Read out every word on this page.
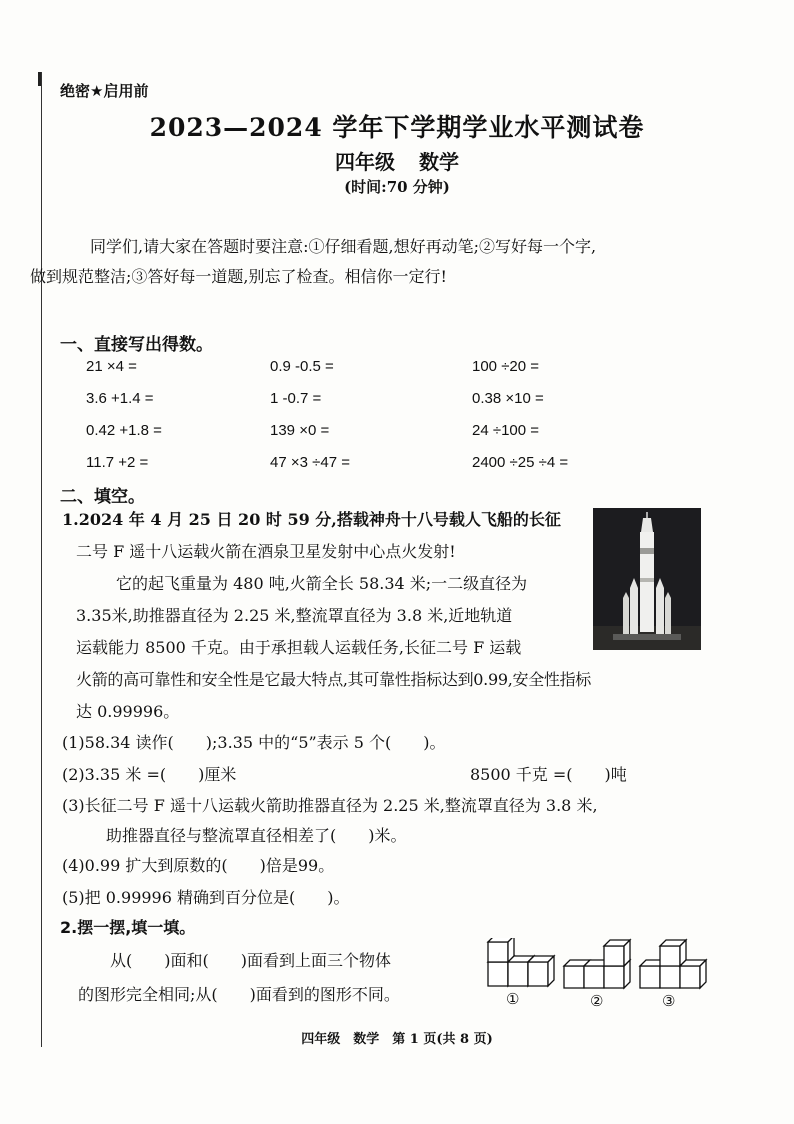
绝密★启用前
2023—2024 学年下学期学业水平测试卷
四年级 数学
(时间:70 分钟)
同学们,请大家在答题时要注意:①仔细看题,想好再动笔;②写好每一个字,
做到规范整洁;③答好每一道题,别忘了检查。相信你一定行!
一、直接写出得数。
21 ×4 =	0.9 -0.5 =	100 ÷20 =
3.6 +1.4 =	1 -0.7 =	0.38 ×10 =
0.42 +1.8 =	139 ×0 =	24 ÷100 =
11.7 +2 =	47 ×3 ÷47 =	2400 ÷25 ÷4 =
二、填空。
1.2024 年 4 月 25 日 20 时 59 分,搭载神舟十八号载人飞船的长征
二号 F 遥十八运载火箭在酒泉卫星发射中心点火发射!
它的起飞重量为 480 吨,火箭全长 58.34 米;一二级直径为
3.35米,助推器直径为 2.25 米,整流罩直径为 3.8 米,近地轨道
运载能力 8500 千克。由于承担载人运载任务,长征二号 F 运载
火箭的高可靠性和安全性是它最大特点,其可靠性指标达到0.99,安全性指标
达 0.99996。
(1)58.34 读作(　　);3.35 中的“5”表示 5 个(　　)。
(2)3.35 米 =(　　)厘米	8500 千克 =(　　)吨
(3)长征二号 F 遥十八运载火箭助推器直径为 2.25 米,整流罩直径为 3.8 米,
助推器直径与整流罩直径相差了(　　)米。
(4)0.99 扩大到原数的(　　)倍是99。
(5)把 0.99996 精确到百分位是(　　)。
2.摆一摆,填一填。
从(　　)面和(　　)面看到上面三个物体
的图形完全相同;从(　　)面看到的图形不同。	①	②	③
四年级　数学　第 1 页(共 8 页)
